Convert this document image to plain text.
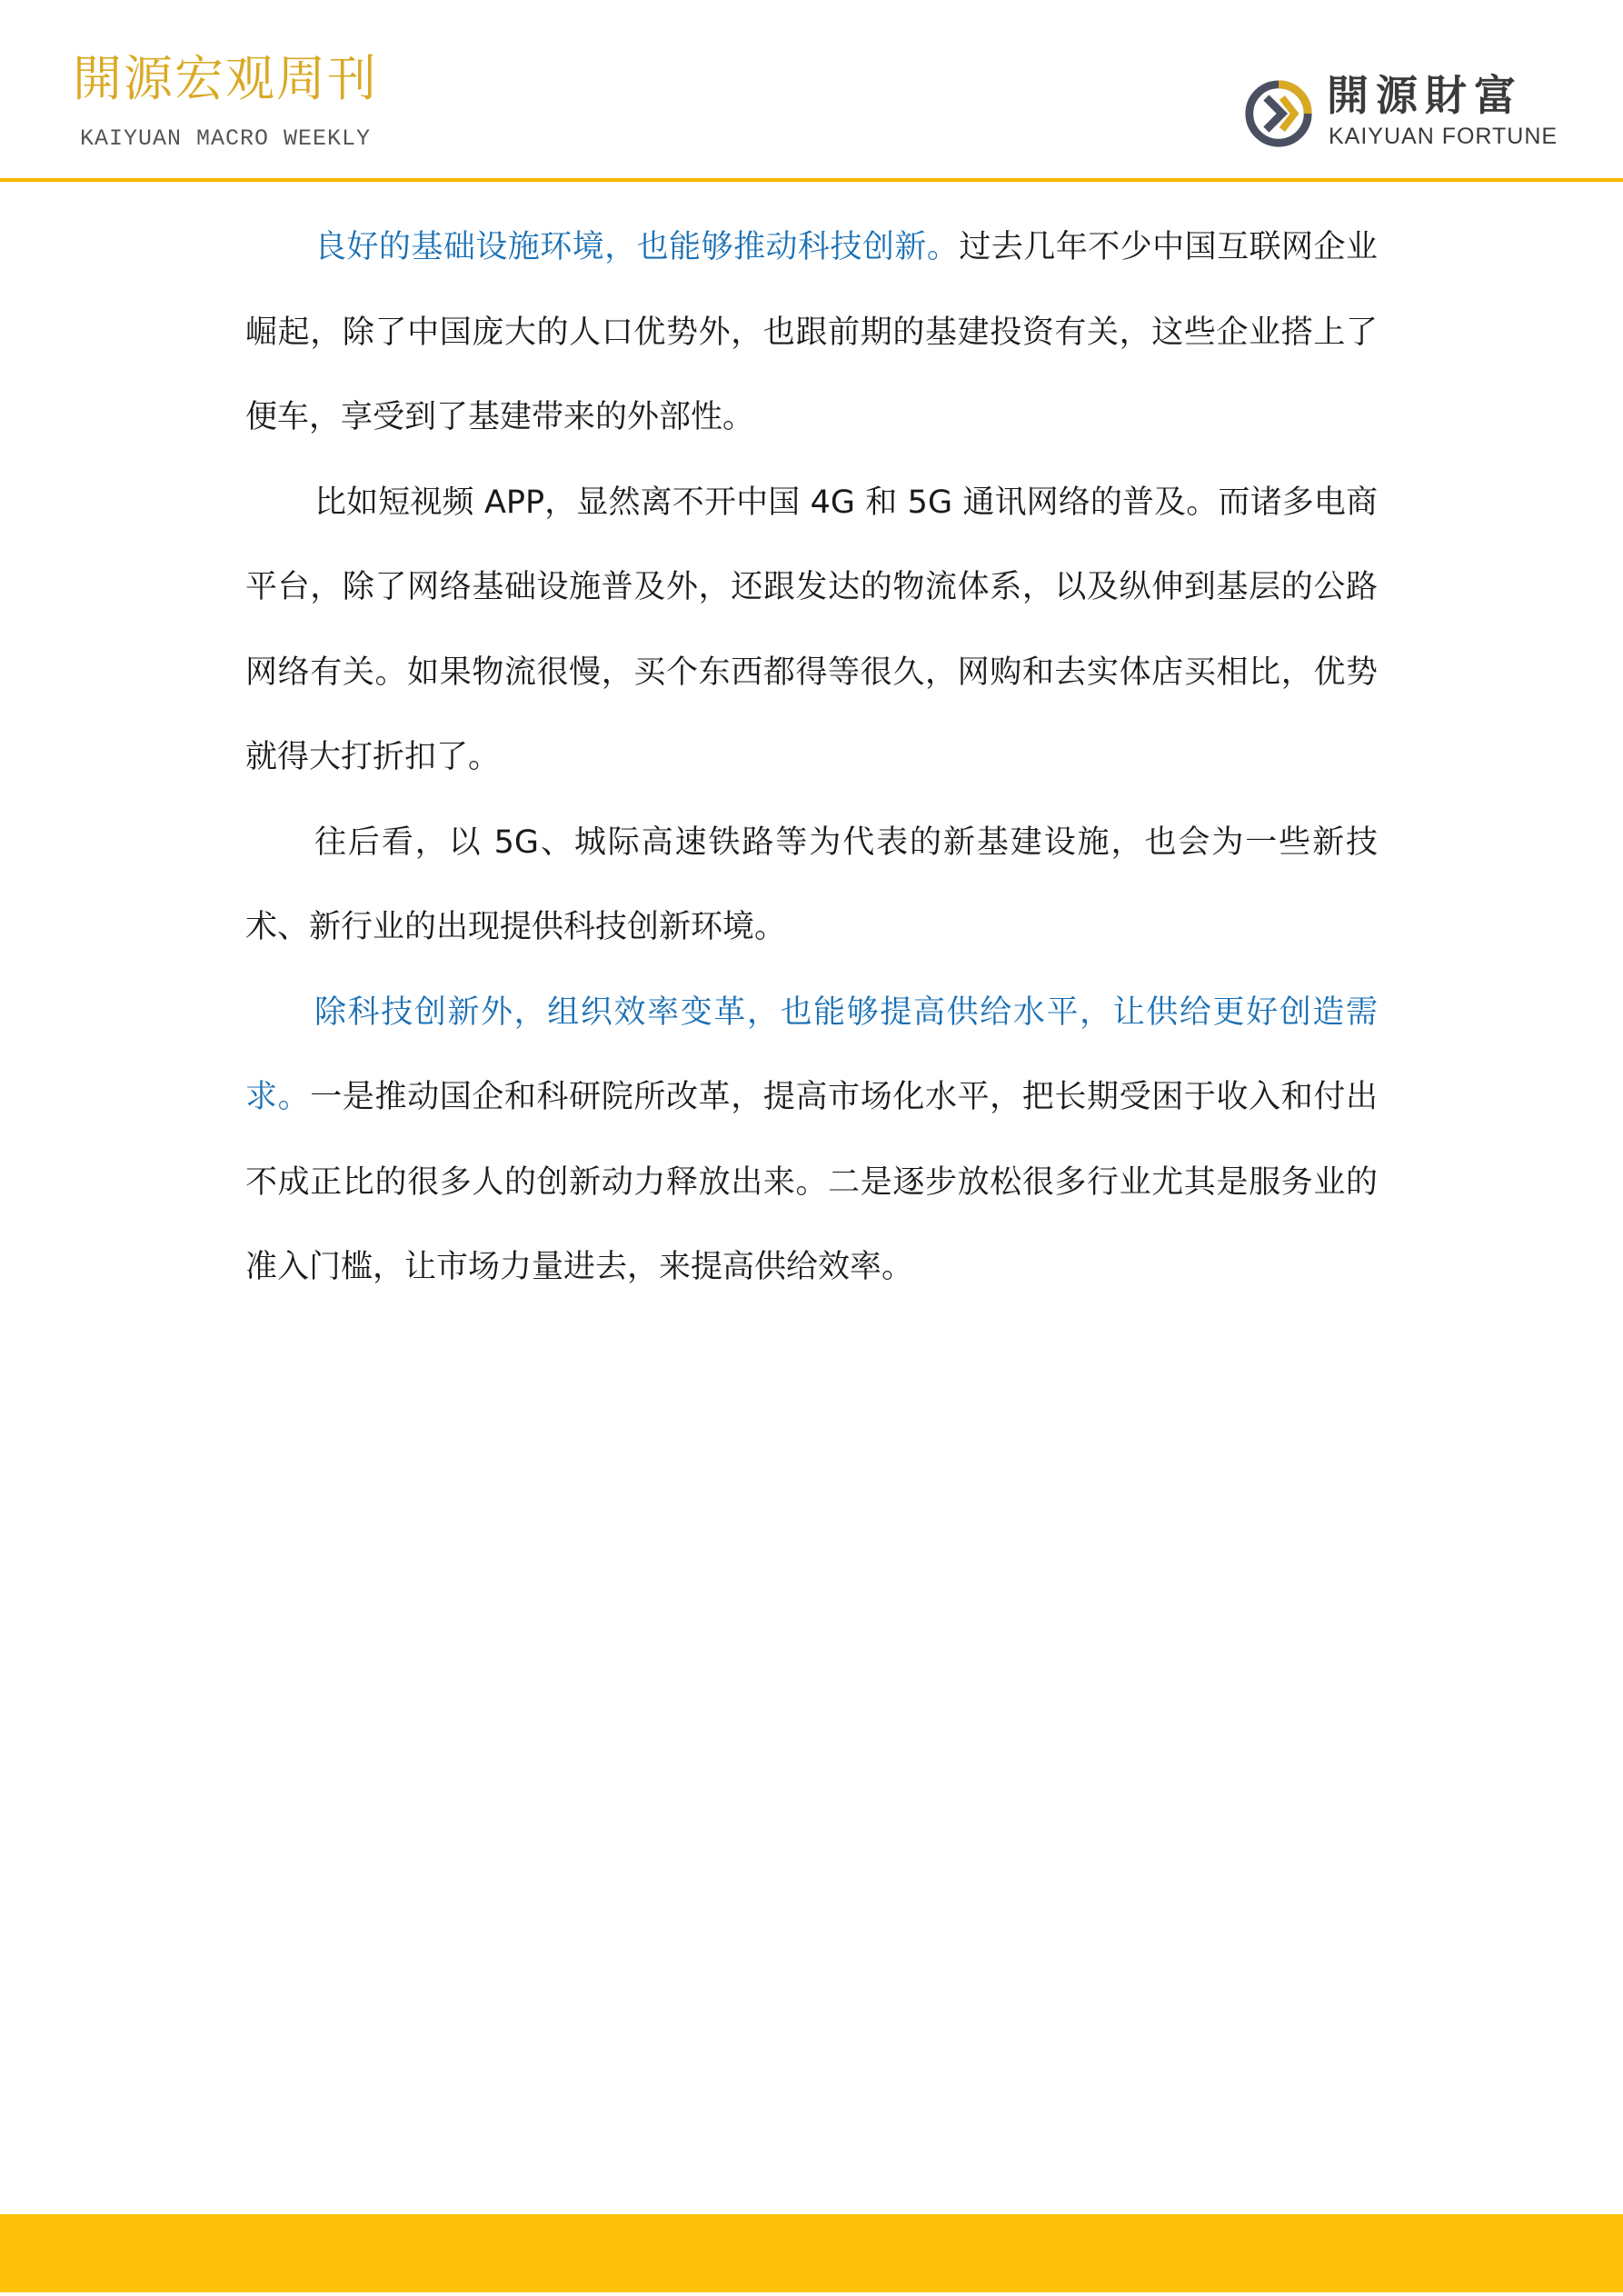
開源宏观周刊
KAIYUAN MACRO WEEKLY
開源財富
KAIYUAN FORTUNE

良好的基础设施环境，也能够推动科技创新。过去几年不少中国互联网企业崛起，除了中国庞大的人口优势外，也跟前期的基建投资有关，这些企业搭上了便车，享受到了基建带来的外部性。

比如短视频 APP，显然离不开中国 4G 和 5G 通讯网络的普及。而诸多电商平台，除了网络基础设施普及外，还跟发达的物流体系，以及纵伸到基层的公路网络有关。如果物流很慢，买个东西都得等很久，网购和去实体店买相比，优势就得大打折扣了。

往后看，以 5G、城际高速铁路等为代表的新基建设施，也会为一些新技术、新行业的出现提供科技创新环境。

除科技创新外，组织效率变革，也能够提高供给水平，让供给更好创造需求。一是推动国企和科研院所改革，提高市场化水平，把长期受困于收入和付出不成正比的很多人的创新动力释放出来。二是逐步放松很多行业尤其是服务业的准入门槛，让市场力量进去，来提高供给效率。
